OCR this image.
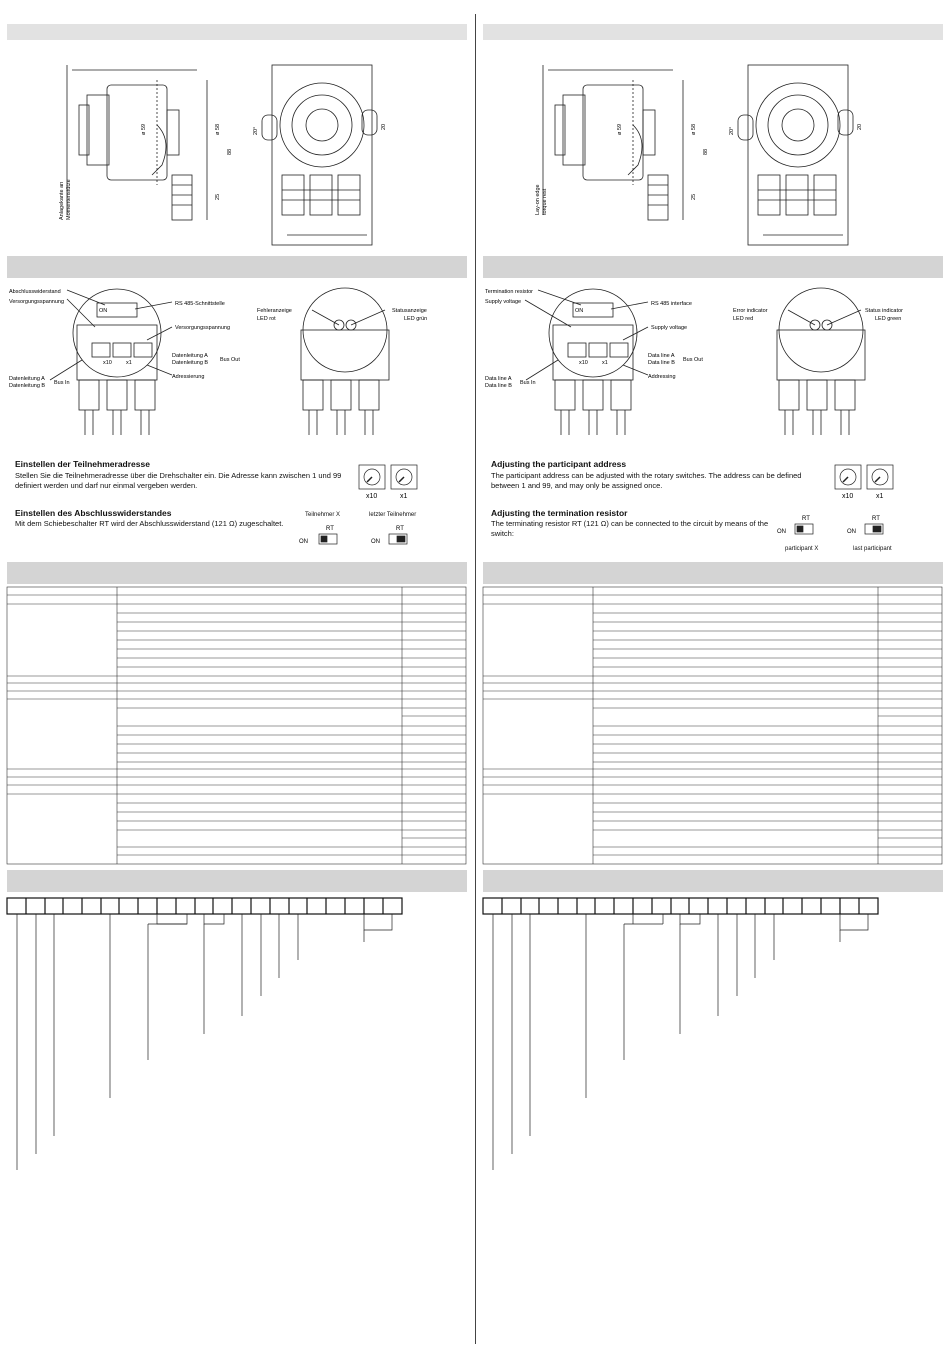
ø 59	ø 58
88
25
20°	20
Anlagekante an Momentenstütze
Abschlusswiderstand
Versorgungsspannung	RS 485-Schnittstelle
Versorgungsspannung
Datenleitung A
Datenleitung B Bus Out
Adressierung
Datenleitung A
Datenleitung B Bus In
ON
x10	x1
Fehleranzeige
LED rot
Statusanzeige
LED grün
Einstellen der Teilnehmeradresse
Stellen Sie die Teilnehmeradresse über die Drehschalter ein. Die Adresse kann zwischen 1 und 99 definiert werden und darf nur einmal vergeben werden.
Einstellen des Abschlusswiderstandes
Mit dem Schiebeschalter RT wird der Abschlusswiderstand (121 Ω) zugeschaltet.
x10	x1
Teilnehmer X	letzter Teilnehmer
RT	RT
ON	ON
ø 59	ø 58
88
25
20°	20
Lay-on edge torque rest
Termination resistor
Supply voltage	RS 485 interface
Supply voltage
Data line A
Data line B Bus Out
Addressing
Data line A
Data line B Bus In
ON
x10	x1
Error indicator
LED red
Status indicator
LED green
Adjusting the participant address
The participant address can be adjusted with the rotary switches. The address can be defined between 1 and 99, and may only be assigned once.
Adjusting the termination resistor
The terminating resistor RT (121 Ω) can be connected to the circuit by means of the switch:
x10	x1
RT	RT
ON	ON
participant X	last participant
